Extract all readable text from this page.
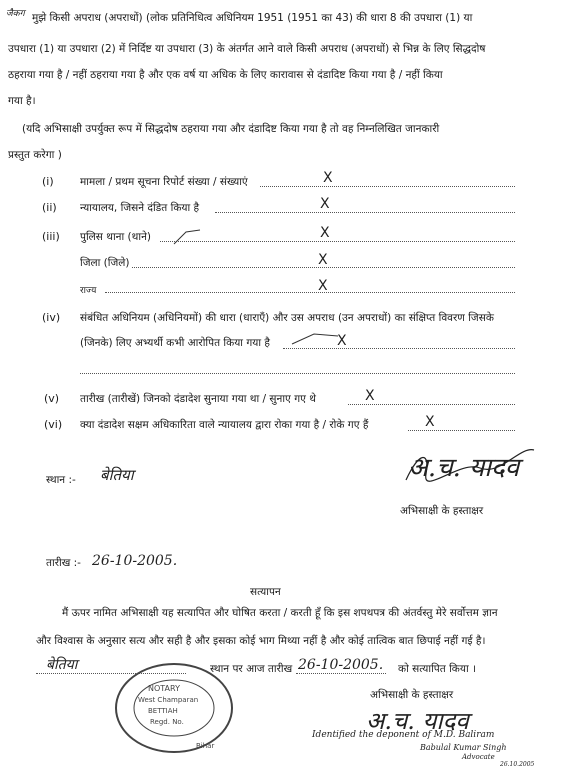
जैकग मुझे किसी अपराध (अपराधों) (लोक प्रतिनिधित्व अधिनियम 1951 (1951 का 43) की धारा 8 की उपधारा (1) या
उपधारा (1) या उपधारा (2) में निर्दिष्ट या उपधारा (3) के अंतर्गत आने वाले किसी अपराध (अपराधों) से भिन्न के लिए सिद्धदोष
ठहराया गया है / नहीं ठहराया गया है और एक वर्ष या अधिक के लिए कारावास से दंडादिष्ट किया गया है / नहीं किया
गया है।
(यदि अभिसाक्षी उपर्युक्त रूप में सिद्धदोष ठहराया गया और दंडादिष्ट किया गया है तो वह निम्नलिखित जानकारी
प्रस्तुत करेगा )
(i)	मामला / प्रथम सूचना रिपोर्ट संख्या / संख्याएं	X
(ii) न्यायालय, जिसने दंडित किया है	X
(iii) पुलिस थाना (थाने)	X
जिला (जिले)	X
राज्य	X
(iv) संबंधित अधिनियम (अधिनियमों) की धारा (धाराएँ) और उस अपराध (उन अपराधों) का संक्षिप्त विवरण जिसके
(जिनके) लिए अभ्यर्थी कभी आरोपित किया गया है	X
(v) तारीख (तारीखें) जिनको दंडादेश सुनाया गया था / सुनाए गए थे	X
(vi) क्या दंडादेश सक्षम अधिकारिता वाले न्यायालय द्वारा रोका गया है / रोके गए हैं	X
स्थान :- बेतिया	अ.च. यादव
अभिसाक्षी के हस्ताक्षर
तारीख :- 26-10-2005.
सत्यापन
मैं ऊपर नामित अभिसाक्षी यह सत्यापित और घोषित करता / करती हूँ कि इस शपथपत्र की अंतर्वस्तु मेरे सर्वोत्तम ज्ञान
और विश्वास के अनुसार सत्य और सही है और इसका कोई भाग मिथ्या नहीं है और कोई तात्विक बात छिपाई नहीं गई है।
बेतिया	स्थान पर आज तारीख 26-10-2005. को सत्यापित किया ।
NOTARY
West Champaran
BETTIAH
Regd. No.
Bihar
अभिसाक्षी के हस्ताक्षर
अ.च. यादव
Identified the deponent of M.D. Baliram
Babulal Kumar Singh
Advocate
26.10.2005
